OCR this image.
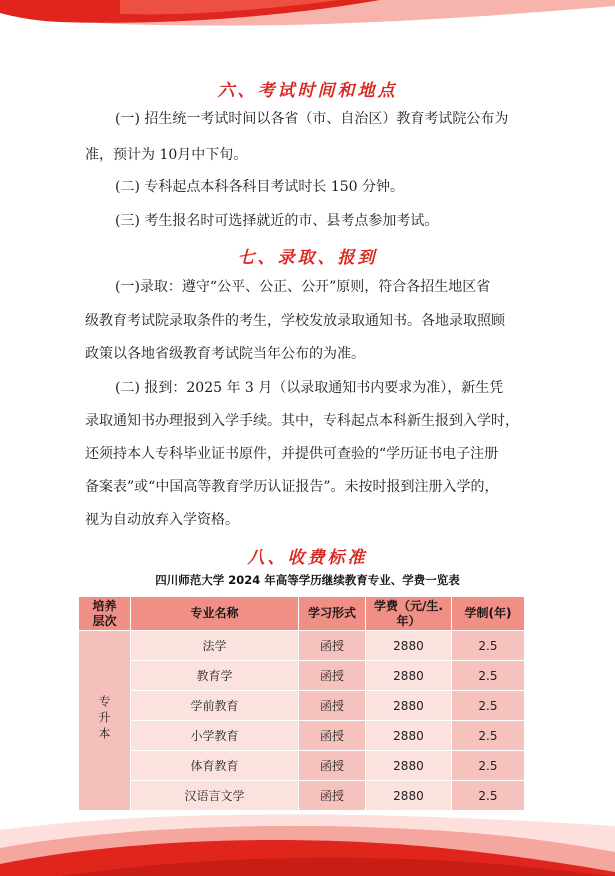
六、考试时间和地点
(一) 招生统一考试时间以各省（市、自治区）教育考试院公布为
准，预计为 10月中下旬。
(二) 专科起点本科各科目考试时长 150 分钟。
(三) 考生报名时可选择就近的市、县考点参加考试。
七、录取、报到
(一)录取：遵守“公平、公正、公开”原则，符合各招生地区省
级教育考试院录取条件的考生，学校发放录取通知书。各地录取照顾
政策以各地省级教育考试院当年公布的为准。
(二) 报到：2025 年 3 月（以录取通知书内要求为准），新生凭
录取通知书办理报到入学手续。其中，专科起点本科新生报到入学时，
还须持本人专科毕业证书原件，并提供可查验的“学历证书电子注册
备案表”或“中国高等教育学历认证报告”。未按时报到注册入学的，
视为自动放弃入学资格。
八、收费标准
四川师范大学 2024 年高等学历继续教育专业、学费一览表
培养
层次	专业名称	学习形式	学费（元/生.年）	学制(年)
专升本	法学	函授	2880	2.5
	教育学	函授	2880	2.5
	学前教育	函授	2880	2.5
	小学教育	函授	2880	2.5
	体育教育	函授	2880	2.5
	汉语言文学	函授	2880	2.5
